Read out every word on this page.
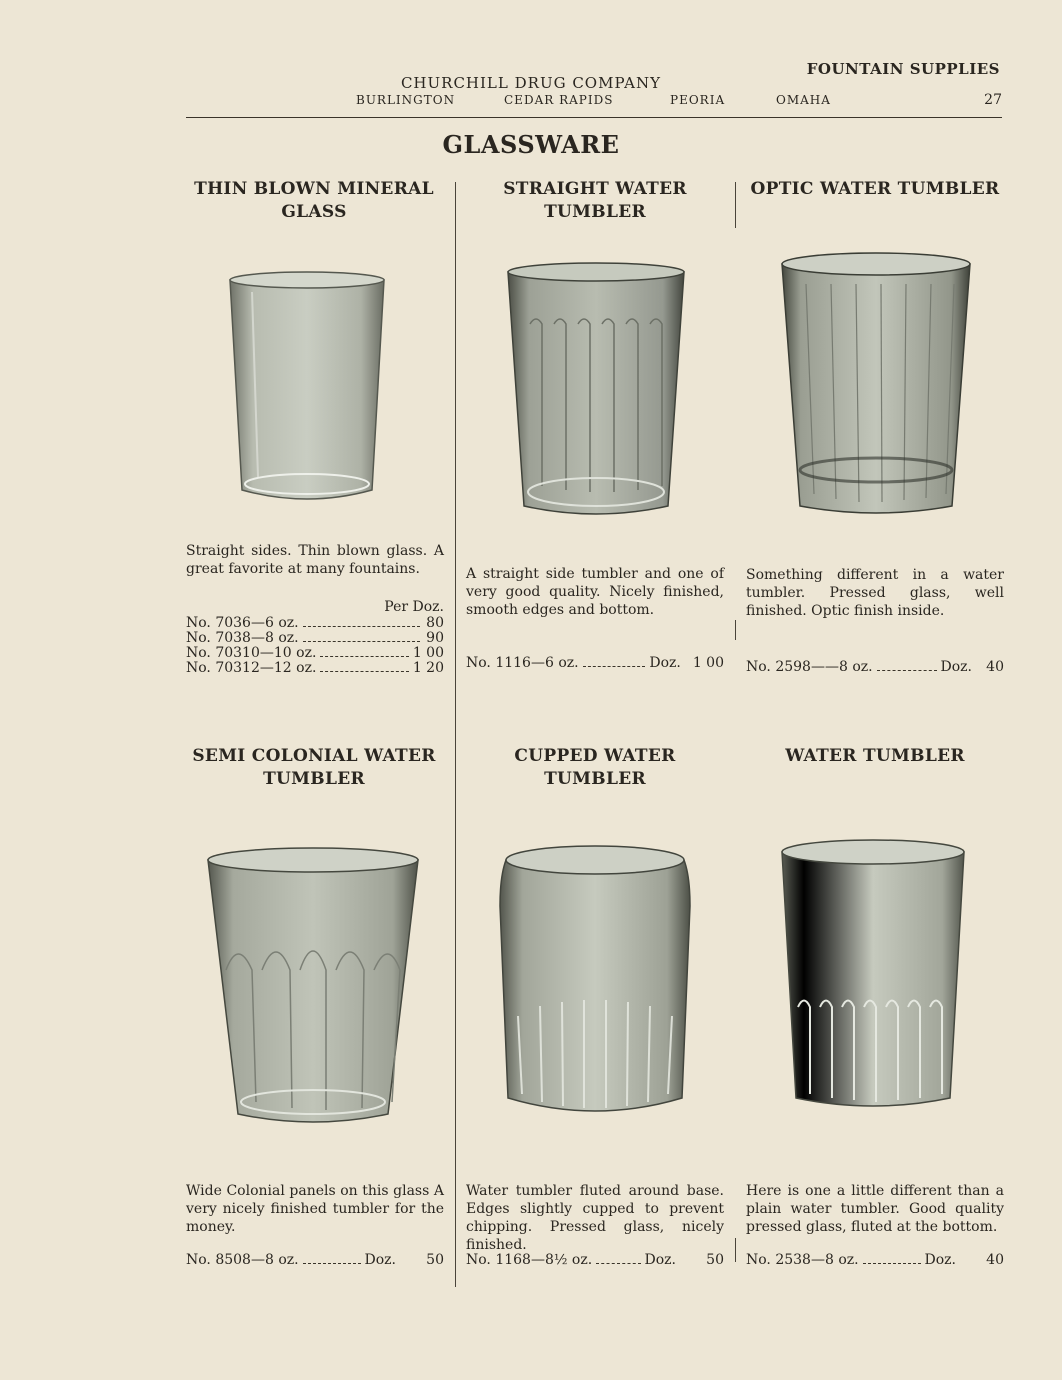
FOUNTAIN SUPPLIES
CHURCHILL DRUG COMPANY
BURLINGTON	CEDAR RAPIDS	PEORIA	OMAHA	27
GLASSWARE
THIN BLOWN MINERAL
GLASS
Straight sides. Thin blown glass. A great favorite at many fountains.
Per Doz.
No. 7036—6 oz.	80
No. 7038—8 oz.	90
No. 70310—10 oz.	1 00
No. 70312—12 oz.	1 20
STRAIGHT WATER
TUMBLER
A straight side tumbler and one of very good quality. Nicely finished, smooth edges and bottom.
No. 1116—6 oz.	Doz. 1 00
OPTIC WATER TUMBLER
Something different in a water tumbler. Pressed glass, well finished. Optic finish inside.
No. 2598——8 oz.	Doz. 40
SEMI COLONIAL WATER
TUMBLER
Wide Colonial panels on this glass A very nicely finished tumbler for the money.
No. 8508—8 oz.	Doz. 50
CUPPED WATER
TUMBLER
Water tumbler fluted around base. Edges slightly cupped to prevent chipping. Pressed glass, nicely finished.
No. 1168—8½ oz.	Doz. 50
WATER TUMBLER
Here is one a little different than a plain water tumbler. Good quality pressed glass, fluted at the bottom.
No. 2538—8 oz.	Doz. 40
